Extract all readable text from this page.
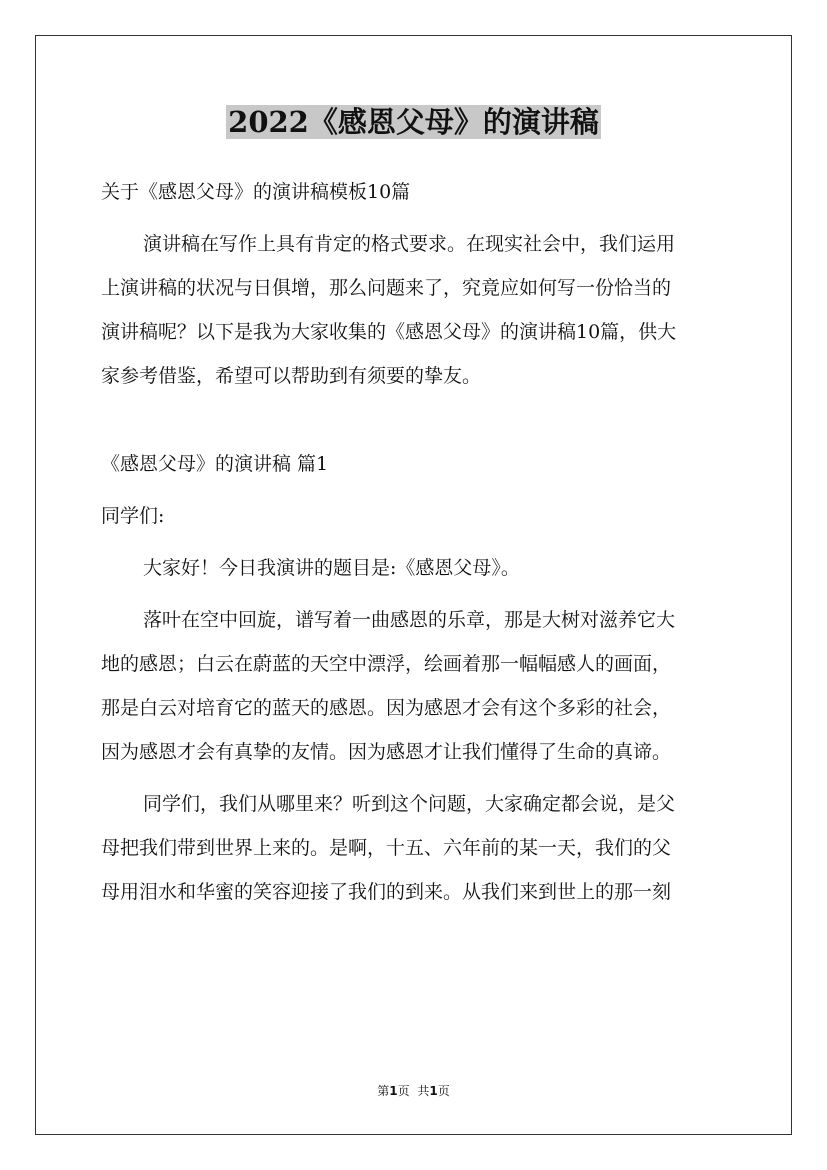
2022《感恩父母》的演讲稿
关于《感恩父母》的演讲稿模板10篇
演讲稿在写作上具有肯定的格式要求。在现实社会中，我们运用
上演讲稿的状况与日俱增，那么问题来了，究竟应如何写一份恰当的
演讲稿呢？以下是我为大家收集的《感恩父母》的演讲稿10篇，供大
家参考借鉴，希望可以帮助到有须要的挚友。
《感恩父母》的演讲稿 篇1
同学们:
大家好！今日我演讲的题目是:《感恩父母》。
落叶在空中回旋，谱写着一曲感恩的乐章，那是大树对滋养它大
地的感恩；白云在蔚蓝的天空中漂浮，绘画着那一幅幅感人的画面，
那是白云对培育它的蓝天的感恩。因为感恩才会有这个多彩的社会，
因为感恩才会有真挚的友情。因为感恩才让我们懂得了生命的真谛。
同学们，我们从哪里来？听到这个问题，大家确定都会说，是父
母把我们带到世界上来的。是啊，十五、六年前的某一天，我们的父
母用泪水和华蜜的笑容迎接了我们的到来。从我们来到世上的那一刻
第1页 共1页
